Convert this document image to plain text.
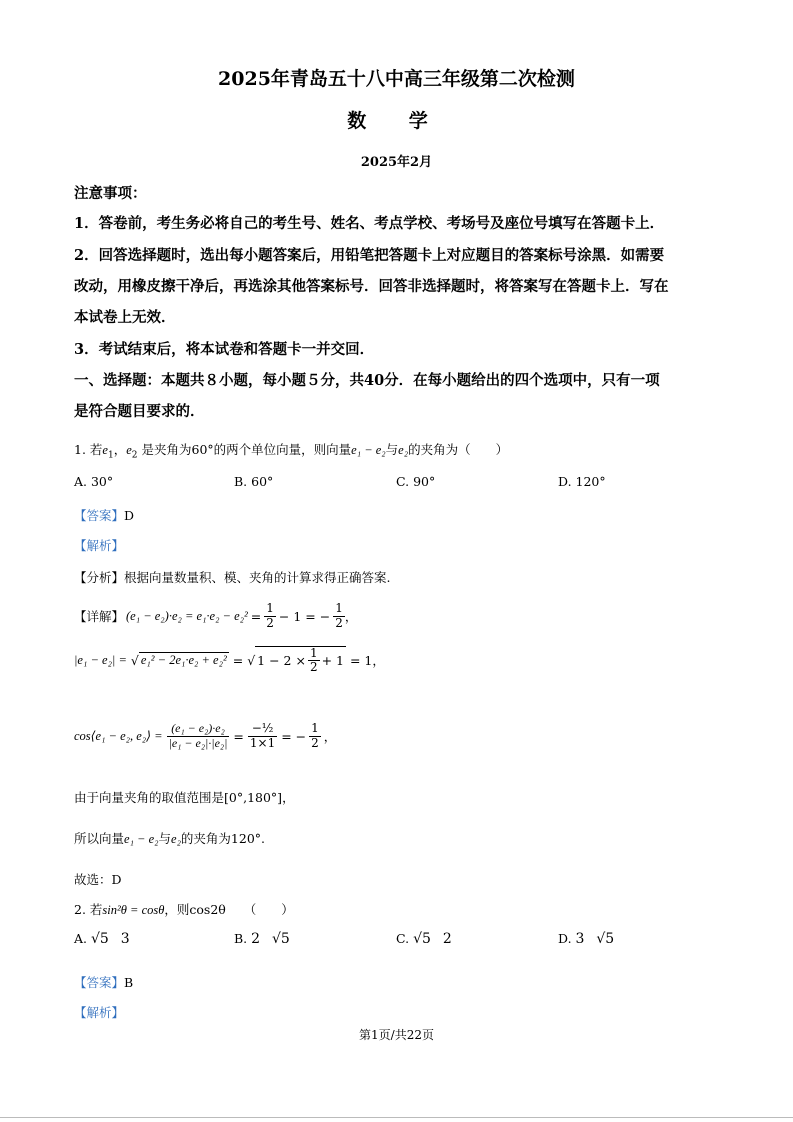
2025年青岛五十八中高三年级第二次检测
数 学
2025年2月
注意事项：
1．答卷前，考生务必将自己的考生号、姓名、考点学校、考场号及座位号填写在答题卡上．
2．回答选择题时，选出每小题答案后，用铅笔把答题卡上对应题目的答案标号涂黑．如需要
改动，用橡皮擦干净后，再选涂其他答案标号．回答非选择题时，将答案写在答题卡上．写在
本试卷上无效．
3．考试结束后，将本试卷和答题卡一并交回．
一、选择题：本题共８小题，每小题５分，共40分．在每小题给出的四个选项中，只有一项
是符合题目要求的．
1. 若$e_1$，$e_2$ 是夹角为60°的两个单位向量，则向量e₁ − e₂与e₂的夹角为（　　）
A. 30°	B. 60°	C. 90°	D. 120°
【答案】D
【解析】
【分析】根据向量数量积、模、夹角的计算求得正确答案.
【详解】 $(e_1 - e_2)\cdot e_2 = e_1\cdot e_2 - e_2^2 = \frac{1}{2} - 1$ = − $\frac{1}{2}$ ，
|e₁ − e₂| = √ e₁² − 2e₁·e₂ + e₂² = √ $1 - 2 \times \frac{1}{2} + 1 = 1$，
cos⟨e₁ − e₂, e₂⟩ = $\frac{\text{(e₁ − e₂)·e₂}}{\text{|e₁ − e₂|·|e₂|}} = \frac{\text{−½}}{1\times 1}$ = − $\frac{1}{2}$ ，
由于向量夹角的取值范围是[0°,180°]，
所以向量e₁ − e₂与e₂的夹角为120°.
故选：D
2. 若sin²θ = cosθ，则cos2θ （　　）
A. √5 3	B. 2 √5	C. √5 2	D. 3 √5
【答案】B
【解析】
第1页/共22页
